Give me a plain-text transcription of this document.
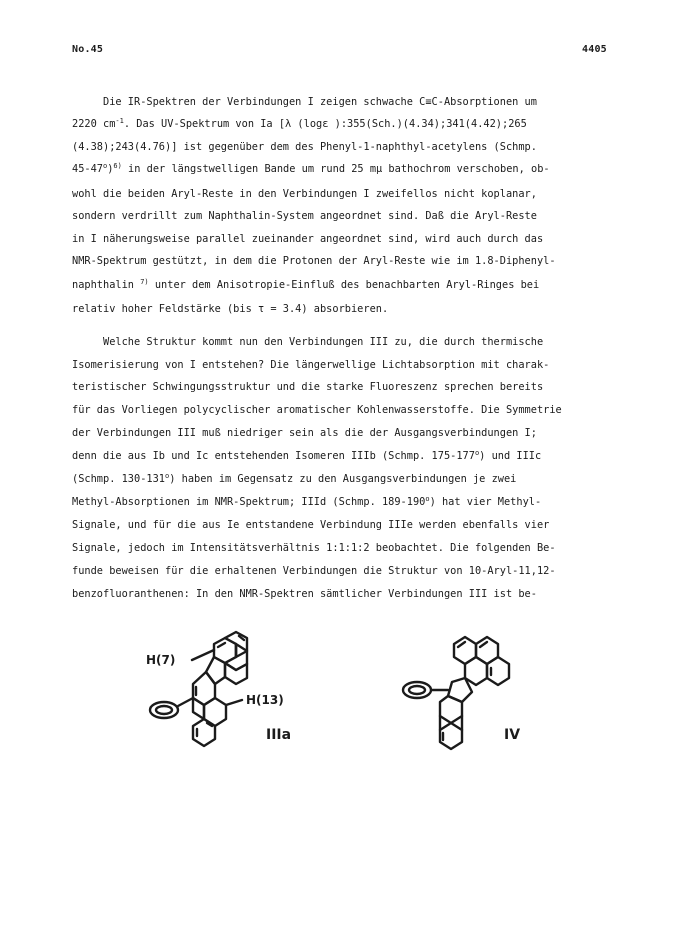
No.45	4405
Die IR-Spektren der Verbindungen I zeigen schwache C≡C-Absorptionen um
2220 $cm^{-1}$. Das UV-Spektrum von Ia [λ (logε ):355(Sch.)(4.34);341(4.42);265
(4.38);243(4.76)] ist gegenüber dem des Phenyl-1-naphthyl-acetylens (Schmp.
45-47$^o$)$^{6)}$ in der längstwelligen Bande um rund 25 mµ bathochrom verschoben, ob-
wohl die beiden Aryl-Reste in den Verbindungen I zweifellos nicht koplanar,
sondern verdrillt zum Naphthalin-System angeordnet sind. Daß die Aryl-Reste
in I näherungsweise parallel zueinander angeordnet sind, wird auch durch das
NMR-Spektrum gestützt, in dem die Protonen der Aryl-Reste wie im 1.8-Diphenyl-
naphthalin $^{7)}$ unter dem Anisotropie-Einfluß des benachbarten Aryl-Ringes bei
relativ hoher Feldstärke (bis τ = 3.4) absorbieren.
Welche Struktur kommt nun den Verbindungen III zu, die durch thermische
Isomerisierung von I entstehen? Die längerwellige Lichtabsorption mit charak-
teristischer Schwingungsstruktur und die starke Fluoreszenz sprechen bereits
für das Vorliegen polycyclischer aromatischer Kohlenwasserstoffe. Die Symmetrie
der Verbindungen III muß niedriger sein als die der Ausgangsverbindungen I;
denn die aus Ib und Ic entstehenden Isomeren IIIb (Schmp. 175-177$^o$) und IIIc
(Schmp. 130-131$^o$) haben im Gegensatz zu den Ausgangsverbindungen je zwei
Methyl-Absorptionen im NMR-Spektrum; IIId (Schmp. 189-190$^o$) hat vier Methyl-
Signale, und für die aus Ie entstandene Verbindung IIIe werden ebenfalls vier
Signale, jedoch im Intensitätsverhältnis 1:1:1:2 beobachtet. Die folgenden Be-
funde beweisen für die erhaltenen Verbindungen die Struktur von 10-Aryl-11,12-
benzofluoranthenen: In den NMR-Spektren sämtlicher Verbindungen III ist be-
H(7)
H(13)
IIIa	IV
